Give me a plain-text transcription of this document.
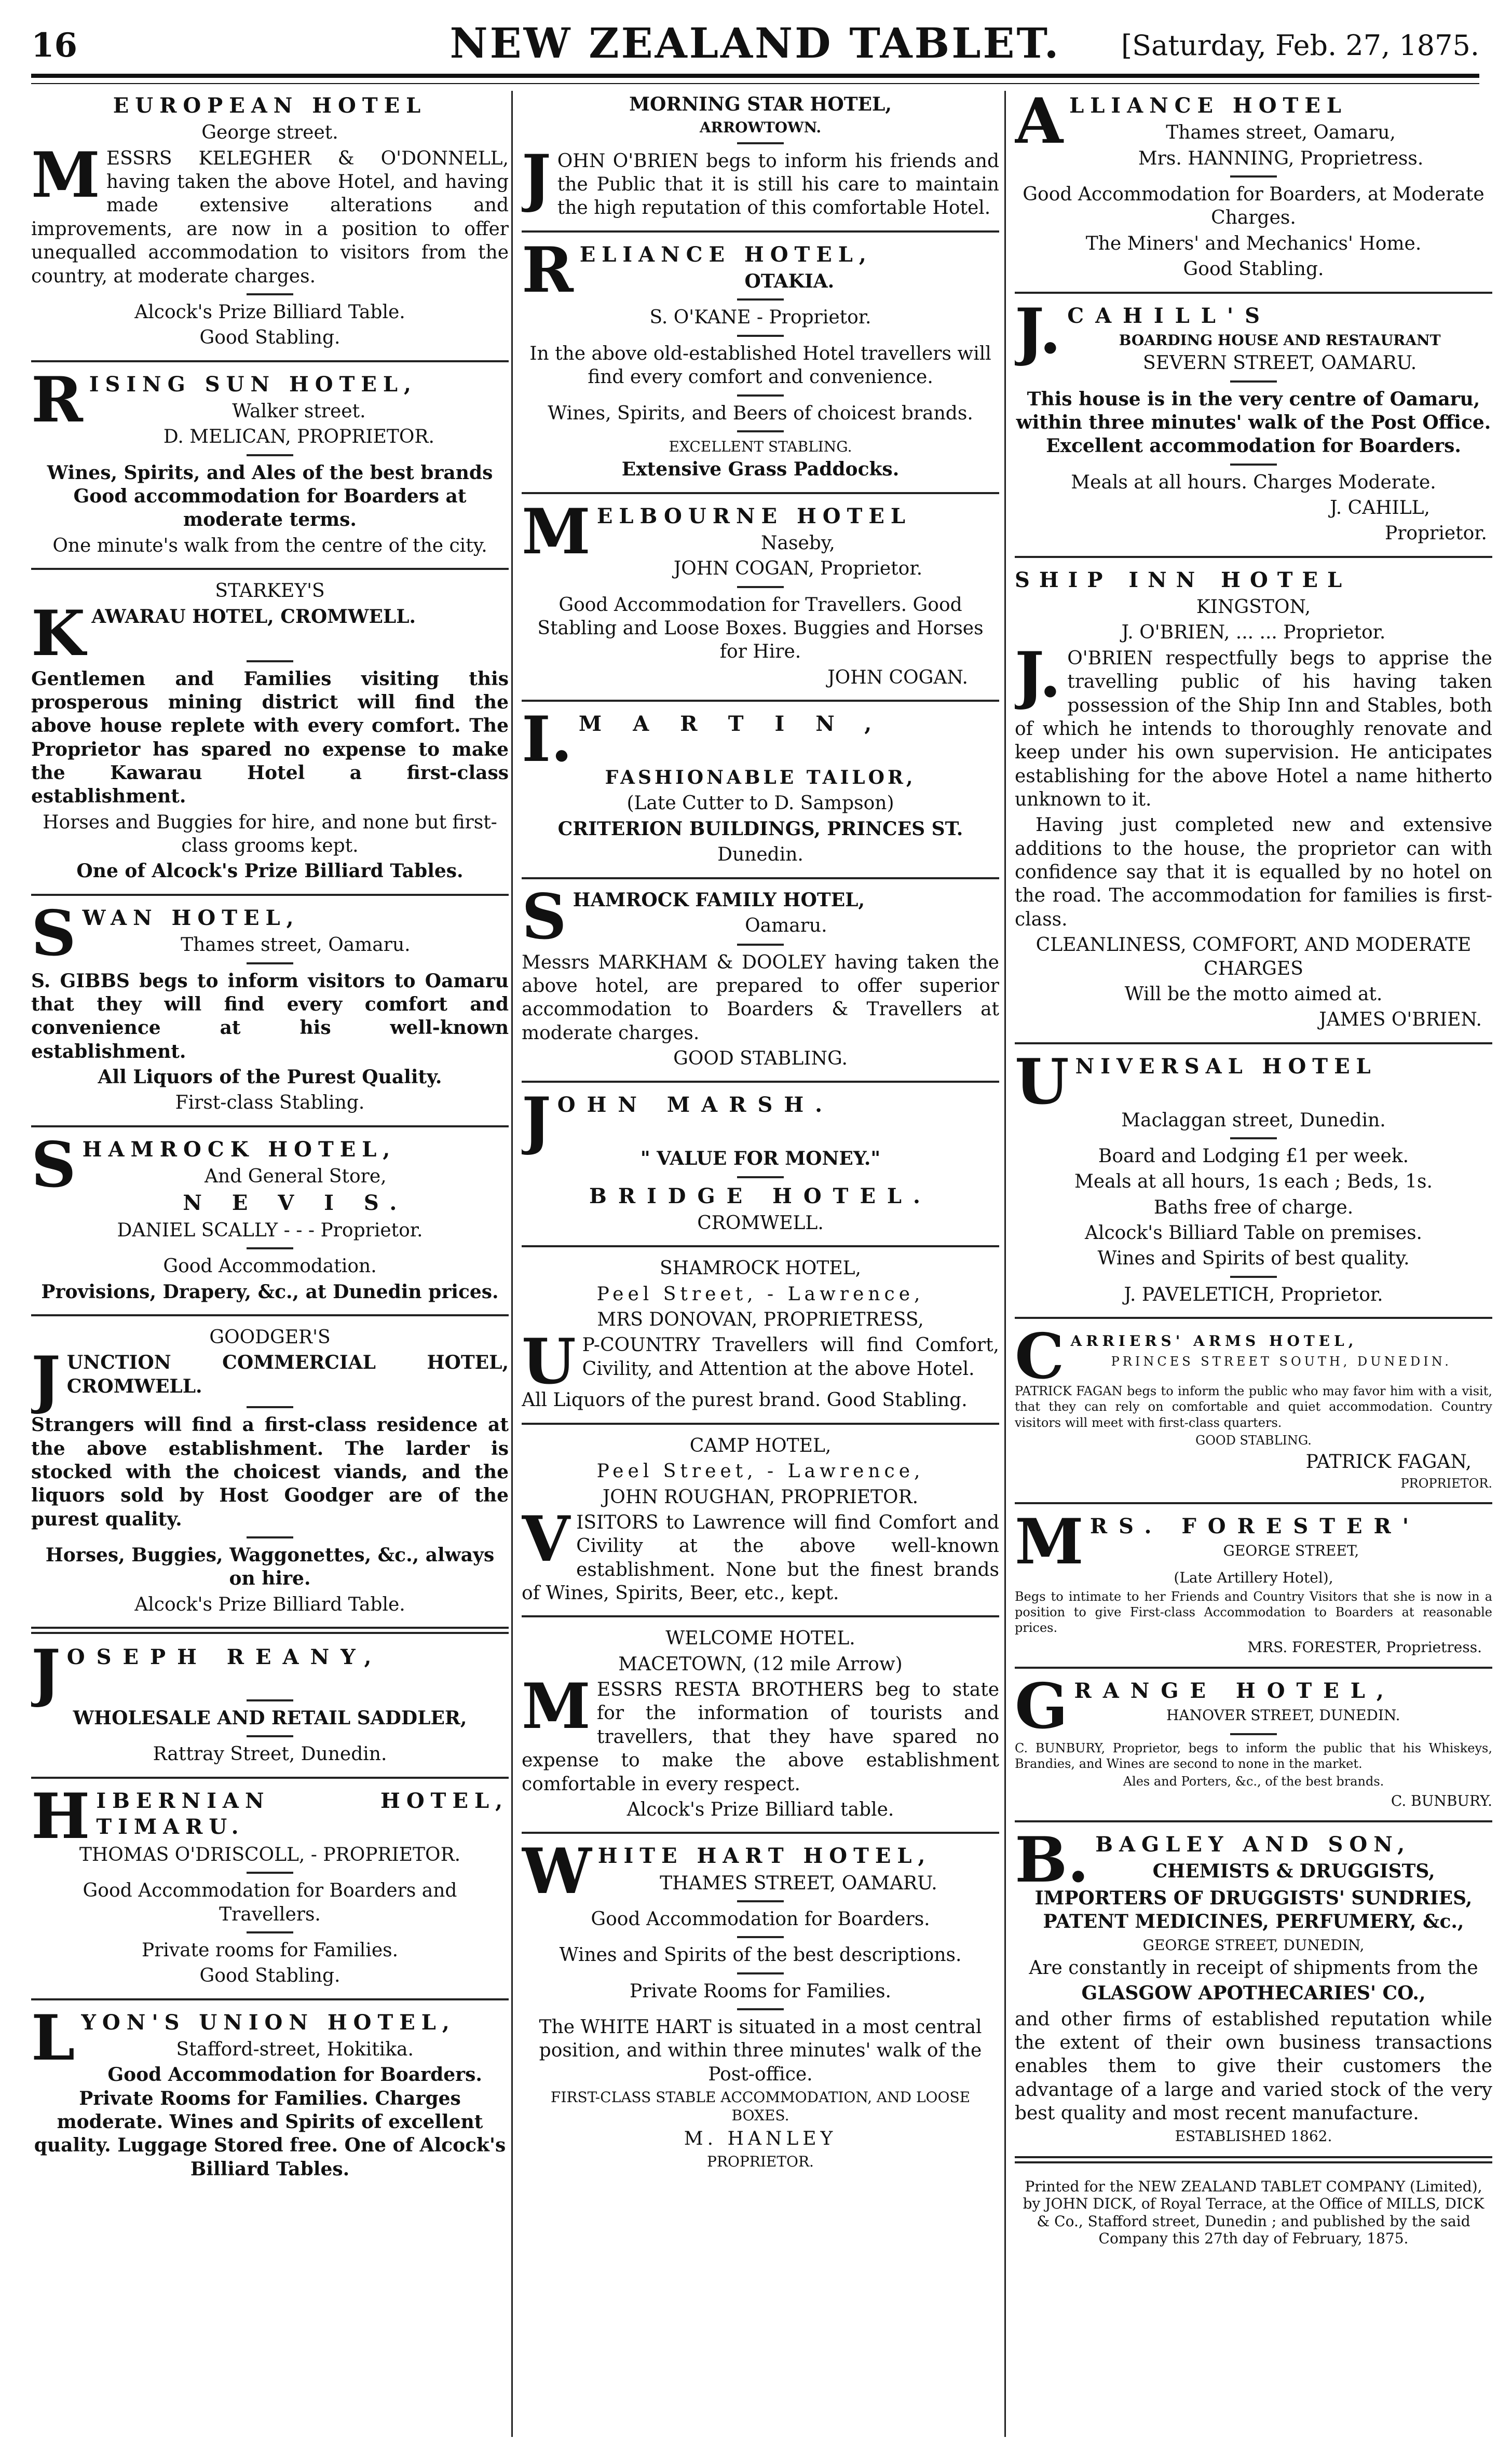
16	NEW ZEALAND TABLET.	[Saturday, Feb. 27, 1875.

EUROPEAN HOTEL

George street.

MESSRS KELEGHER & O'DONNELL, having taken the above Hotel, and having made extensive alterations and improvements, are now in a position to offer unequalled accommodation to visitors from the country, at moderate charges.

Alcock's Prize Billiard Table.

Good Stabling.

RISING SUN HOTEL,

Walker street.

D. MELICAN, PROPRIETOR.

Wines, Spirits, and Ales of the best brands Good accommodation for Boarders at moderate terms.

One minute's walk from the centre of the city.

STARKEY'S

KAWARAU HOTEL, CROMWELL.

Gentlemen and Families visiting this prosperous mining district will find the above house replete with every comfort. The Proprietor has spared no expense to make the Kawarau Hotel a first-class establishment.

Horses and Buggies for hire, and none but first-class grooms kept.

One of Alcock's Prize Billiard Tables.

SWAN HOTEL,

Thames street, Oamaru.

S. GIBBS begs to inform visitors to Oamaru that they will find every comfort and convenience at his well-known establishment.

All Liquors of the Purest Quality.

First-class Stabling.

SHAMROCK HOTEL,

And General Store,

N E V I S.

DANIEL SCALLY - - - Proprietor.

Good Accommodation.

Provisions, Drapery, &c., at Dunedin prices.

GOODGER'S

JUNCTION COMMERCIAL HOTEL, CROMWELL.

Strangers will find a first-class residence at the above establishment. The larder is stocked with the choicest viands, and the liquors sold by Host Goodger are of the purest quality.

Horses, Buggies, Waggonettes, &c., always on hire.

Alcock's Prize Billiard Table.

JOSEPH REANY,

WHOLESALE AND RETAIL SADDLER,

Rattray Street, Dunedin.

HIBERNIAN HOTEL, TIMARU.

THOMAS O'DRISCOLL, - PROPRIETOR.

Good Accommodation for Boarders and Travellers.

Private rooms for Families.

Good Stabling.

LYON'S UNION HOTEL,

Stafford-street, Hokitika.

Good Accommodation for Boarders. Private Rooms for Families. Charges moderate. Wines and Spirits of excellent quality. Luggage Stored free. One of Alcock's Billiard Tables.

MORNING STAR HOTEL,

ARROWTOWN.

JOHN O'BRIEN begs to inform his friends and the Public that it is still his care to maintain the high reputation of this comfortable Hotel.

RELIANCE HOTEL,

OTAKIA.

S. O'KANE - Proprietor.

In the above old-established Hotel travellers will find every comfort and convenience.

Wines, Spirits, and Beers of choicest brands.

EXCELLENT STABLING.

Extensive Grass Paddocks.

MELBOURNE HOTEL

Naseby,

JOHN COGAN, Proprietor.

Good Accommodation for Travellers. Good Stabling and Loose Boxes. Buggies and Horses for Hire.

JOHN COGAN.

I. MARTIN,

FASHIONABLE TAILOR,

(Late Cutter to D. Sampson)

CRITERION BUILDINGS, PRINCES ST.

Dunedin.

SHAMROCK FAMILY HOTEL,

Oamaru.

Messrs MARKHAM & DOOLEY having taken the above hotel, are prepared to offer superior accommodation to Boarders & Travellers at moderate charges.

GOOD STABLING.

JOHN MARSH.

" VALUE FOR MONEY."

BRIDGE HOTEL.

CROMWELL.

SHAMROCK HOTEL,

Peel Street, - Lawrence,

MRS DONOVAN, PROPRIETRESS,

U P-COUNTRY Travellers will find Comfort, Civility, and Attention at the above Hotel.

All Liquors of the purest brand. Good Stabling.

CAMP HOTEL,

Peel Street, - Lawrence,

JOHN ROUGHAN, PROPRIETOR.

VISITORS to Lawrence will find Comfort and Civility at the above well-known establishment. None but the finest brands of Wines, Spirits, Beer, etc., kept.

WELCOME HOTEL.

MACETOWN, (12 mile Arrow)

MESSRS RESTA BROTHERS beg to state for the information of tourists and travellers, that they have spared no expense to make the above establishment comfortable in every respect.

Alcock's Prize Billiard table.

WHITE HART HOTEL,

THAMES STREET, OAMARU.

Good Accommodation for Boarders.

Wines and Spirits of the best descriptions.

Private Rooms for Families.

The WHITE HART is situated in a most central position, and within three minutes' walk of the Post-office.

FIRST-CLASS STABLE ACCOMMODATION, AND LOOSE BOXES.

M. HANLEY

PROPRIETOR.

ALLIANCE HOTEL

Thames street, Oamaru,

Mrs. HANNING, Proprietress.

Good Accommodation for Boarders, at Moderate Charges.

The Miners' and Mechanics' Home.

Good Stabling.

J. CAHILL'S

BOARDING HOUSE AND RESTAURANT

SEVERN STREET, OAMARU.

This house is in the very centre of Oamaru, within three minutes' walk of the Post Office. Excellent accommodation for Boarders.

Meals at all hours. Charges Moderate.

J. CAHILL,

Proprietor.

SHIP INN HOTEL

KINGSTON,

J. O'BRIEN, ... ... Proprietor.

J. O'BRIEN respectfully begs to apprise the travelling public of his having taken possession of the Ship Inn and Stables, both of which he intends to thoroughly renovate and keep under his own supervision. He anticipates establishing for the above Hotel a name hitherto unknown to it.

Having just completed new and extensive additions to the house, the proprietor can with confidence say that it is equalled by no hotel on the road. The accommodation for families is first-class.

CLEANLINESS, COMFORT, AND MODERATE CHARGES

Will be the motto aimed at.

JAMES O'BRIEN.

UNIVERSAL HOTEL

Maclaggan street, Dunedin.

Board and Lodging £1 per week.

Meals at all hours, 1s each ; Beds, 1s.

Baths free of charge.

Alcock's Billiard Table on premises.

Wines and Spirits of best quality.

J. PAVELETICH, Proprietor.

CARRIERS' ARMS HOTEL,

PRINCES STREET SOUTH, DUNEDIN.

PATRICK FAGAN begs to inform the public who may favor him with a visit, that they can rely on comfortable and quiet accommodation. Country visitors will meet with first-class quarters.

GOOD STABLING.

PATRICK FAGAN,

PROPRIETOR.

MRS. FORESTER'

GEORGE STREET,

(Late Artillery Hotel),

Begs to intimate to her Friends and Country Visitors that she is now in a position to give First-class Accommodation to Boarders at reasonable prices.

MRS. FORESTER, Proprietress.

GRANGE HOTEL,

HANOVER STREET, DUNEDIN.

C. BUNBURY, Proprietor, begs to inform the public that his Whiskeys, Brandies, and Wines are second to none in the market.

Ales and Porters, &c., of the best brands.

C. BUNBURY.

B. BAGLEY AND SON,

CHEMISTS & DRUGGISTS,

IMPORTERS OF DRUGGISTS' SUNDRIES, PATENT MEDICINES, PERFUMERY, &c.,

GEORGE STREET, DUNEDIN,

Are constantly in receipt of shipments from the

GLASGOW APOTHECARIES' CO.,

and other firms of established reputation while the extent of their own business transactions enables them to give their customers the advantage of a large and varied stock of the very best quality and most recent manufacture.

ESTABLISHED 1862.

Printed for the NEW ZEALAND TABLET COMPANY (Limited), by JOHN DICK, of Royal Terrace, at the Office of MILLS, DICK & Co., Stafford street, Dunedin ; and published by the said Company this 27th day of February, 1875.
